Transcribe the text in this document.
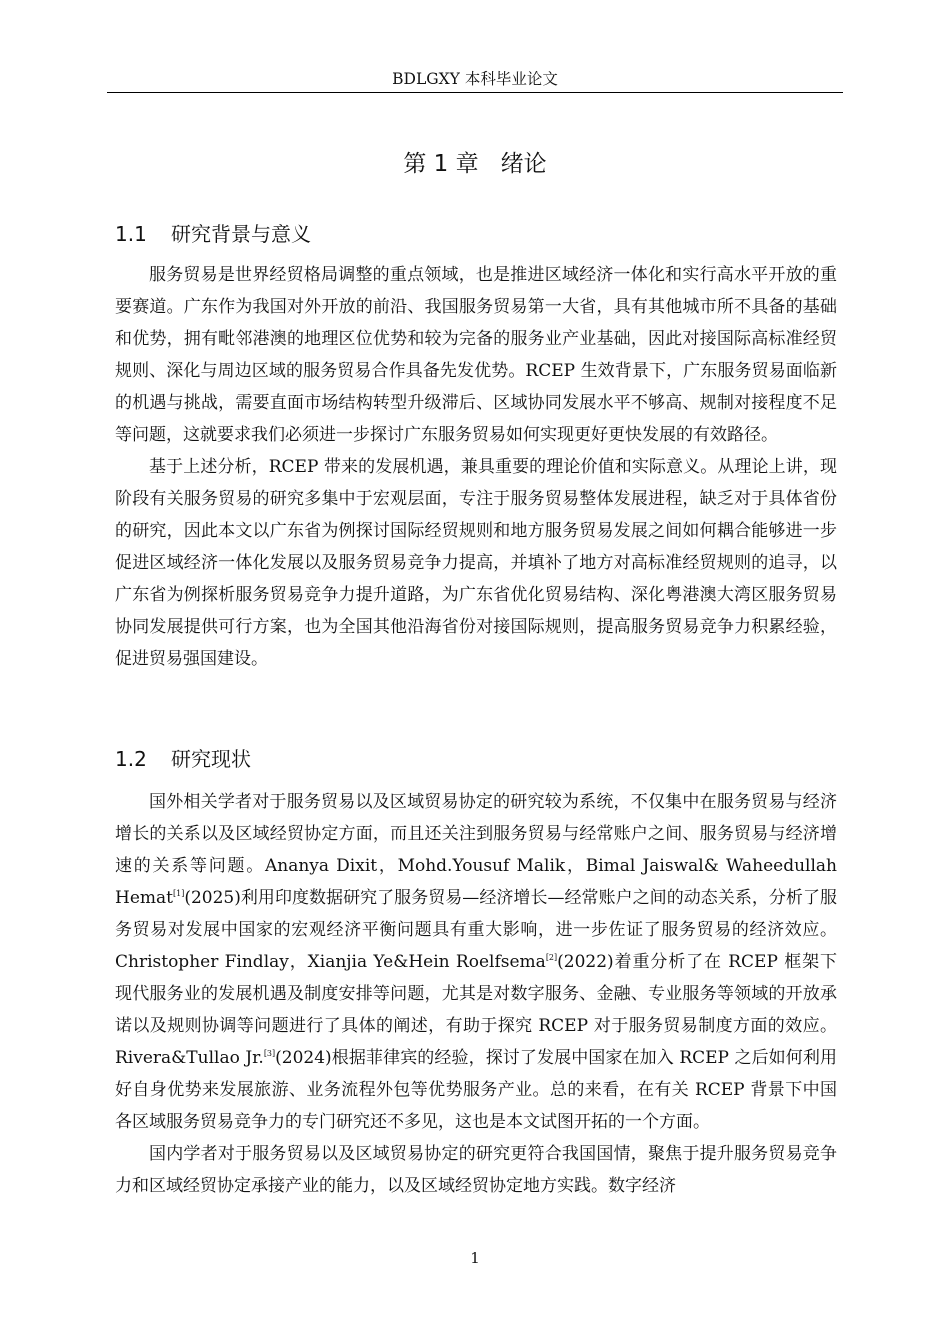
BDLGXY 本科毕业论文
第 1 章 绪论
1.1 研究背景与意义

服务贸易是世界经贸格局调整的重点领域，也是推进区域经济一体化和实行高水平开放的重要赛道。广东作为我国对外开放的前沿、我国服务贸易第一大省，具有其他城市所不具备的基础和优势，拥有毗邻港澳的地理区位优势和较为完备的服务业产业基础，因此对接国际高标准经贸规则、深化与周边区域的服务贸易合作具备先发优势。RCEP 生效背景下，广东服务贸易面临新的机遇与挑战，需要直面市场结构转型升级滞后、区域协同发展水平不够高、规制对接程度不足等问题，这就要求我们必须进一步探讨广东服务贸易如何实现更好更快发展的有效路径。

基于上述分析，RCEP 带来的发展机遇，兼具重要的理论价值和实际意义。从理论上讲，现阶段有关服务贸易的研究多集中于宏观层面，专注于服务贸易整体发展进程，缺乏对于具体省份的研究，因此本文以广东省为例探讨国际经贸规则和地方服务贸易发展之间如何耦合能够进一步促进区域经济一体化发展以及服务贸易竞争力提高，并填补了地方对高标准经贸规则的追寻，以广东省为例探析服务贸易竞争力提升道路，为广东省优化贸易结构、深化粤港澳大湾区服务贸易协同发展提供可行方案，也为全国其他沿海省份对接国际规则，提高服务贸易竞争力积累经验，促进贸易强国建设。

1.2 研究现状

国外相关学者对于服务贸易以及区域贸易协定的研究较为系统，不仅集中在服务贸易与经济增长的关系以及区域经贸协定方面，而且还关注到服务贸易与经常账户之间、服务贸易与经济增速的关系等问题。Ananya Dixit，Mohd.Yousuf Malik，Bimal Jaiswal& Waheedullah Hemat[1](2025)利用印度数据研究了服务贸易—经济增长—经常账户之间的动态关系，分析了服务贸易对发展中国家的宏观经济平衡问题具有重大影响，进一步佐证了服务贸易的经济效应。Christopher Findlay，Xianjia Ye&Hein Roelfsema[2](2022)着重分析了在 RCEP 框架下现代服务业的发展机遇及制度安排等问题，尤其是对数字服务、金融、专业服务等领域的开放承诺以及规则协调等问题进行了具体的阐述，有助于探究 RCEP 对于服务贸易制度方面的效应。Rivera&Tullao Jr.[3](2024)根据菲律宾的经验，探讨了发展中国家在加入 RCEP 之后如何利用好自身优势来发展旅游、业务流程外包等优势服务产业。总的来看，在有关 RCEP 背景下中国各区域服务贸易竞争力的专门研究还不多见，这也是本文试图开拓的一个方面。

国内学者对于服务贸易以及区域贸易协定的研究更符合我国国情，聚焦于提升服务贸易竞争力和区域经贸协定承接产业的能力，以及区域经贸协定地方实践。数字经济

1
